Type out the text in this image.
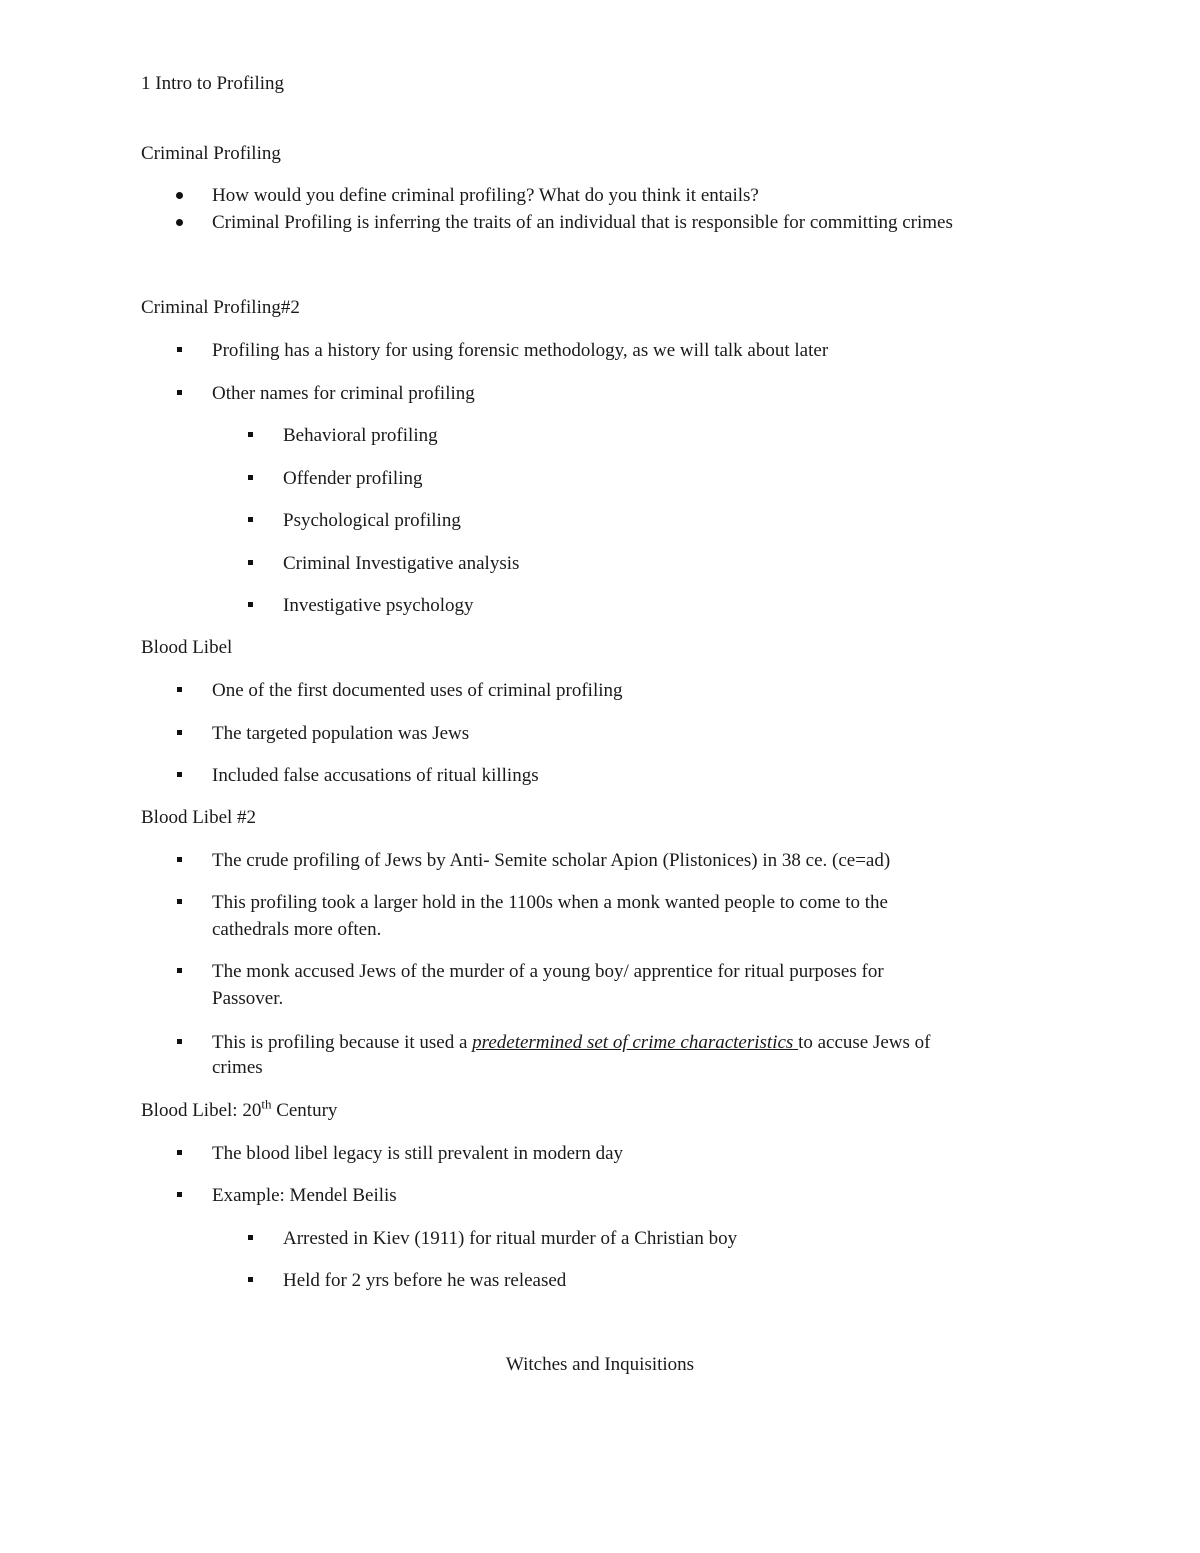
1 Intro to Profiling
Criminal Profiling
How would you define criminal profiling? What do you think it entails?
Criminal Profiling is inferring the traits of an individual that is responsible for committing crimes
Criminal Profiling#2
Profiling has a history for using forensic methodology, as we will talk about later
Other names for criminal profiling
Behavioral profiling
Offender profiling
Psychological profiling
Criminal Investigative analysis
Investigative psychology
Blood Libel
One of the first documented uses of criminal profiling
The targeted population was Jews
Included false accusations of ritual killings
Blood Libel #2
The crude profiling of Jews by Anti- Semite scholar Apion (Plistonices) in 38 ce. (ce=ad)
This profiling took a larger hold in the 1100s when a monk wanted people to come to the
cathedrals more often.
The monk accused Jews of the murder of a young boy/ apprentice for ritual purposes for
Passover.
This is profiling because it used a predetermined set of crime characteristics to accuse Jews of
crimes
Blood Libel: 20th Century
The blood libel legacy is still prevalent in modern day
Example: Mendel Beilis
Arrested in Kiev (1911) for ritual murder of a Christian boy
Held for 2 yrs before he was released
Witches and Inquisitions
